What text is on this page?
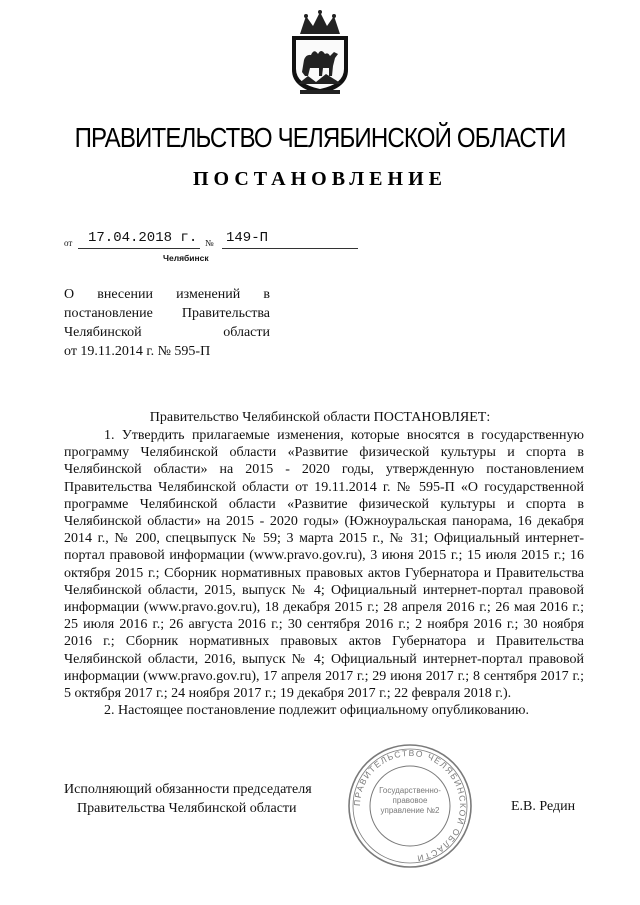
ПРАВИТЕЛЬСТВО ЧЕЛЯБИНСКОЙ ОБЛАСТИ
ПОСТАНОВЛЕНИЕ
от 17.04.2018 г. № 149-П
Челябинск
О внесении изменений в
постановление Правительства
Челябинской области
от 19.11.2014 г. № 595-П
Правительство Челябинской области ПОСТАНОВЛЯЕТ:

1. Утвердить прилагаемые изменения, которые вносятся в государственную программу Челябинской области «Развитие физической культуры и спорта в Челябинской области» на 2015 - 2020 годы, утвержденную постановлением Правительства Челябинской области от 19.11.2014 г. № 595-П «О государственной программе Челябинской области «Развитие физической культуры и спорта в Челябинской области» на 2015 - 2020 годы» (Южноуральская панорама, 16 декабря 2014 г., № 200, спецвыпуск № 59; 3 марта 2015 г., № 31; Официальный интернет-портал правовой информации (www.pravo.gov.ru), 3 июня 2015 г.; 15 июля 2015 г.; 16 октября 2015 г.; Сборник нормативных правовых актов Губернатора и Правительства Челябинской области, 2015, выпуск № 4; Официальный интернет-портал правовой информации (www.pravo.gov.ru), 18 декабря 2015 г.; 28 апреля 2016 г.; 26 мая 2016 г.; 25 июля 2016 г.; 26 августа 2016 г.; 30 сентября 2016 г.; 2 ноября 2016 г.; 30 ноября 2016 г.; Сборник нормативных правовых актов Губернатора и Правительства Челябинской области, 2016, выпуск № 4; Официальный интернет-портал правовой информации (www.pravo.gov.ru), 17 апреля 2017 г.; 29 июня 2017 г.; 8 сентября 2017 г.; 5 октября 2017 г.; 24 ноября 2017 г.; 19 декабря 2017 г.; 22 февраля 2018 г.).

2. Настоящее постановление подлежит официальному опубликованию.

Исполняющий обязанности председателя
Правительства Челябинской области	ПРАВИТЕЛЬСТВО ЧЕЛЯБИНСКОЙ ОБЛАСТИ
Государственно-правовое управление №2	Е.В. Редин
